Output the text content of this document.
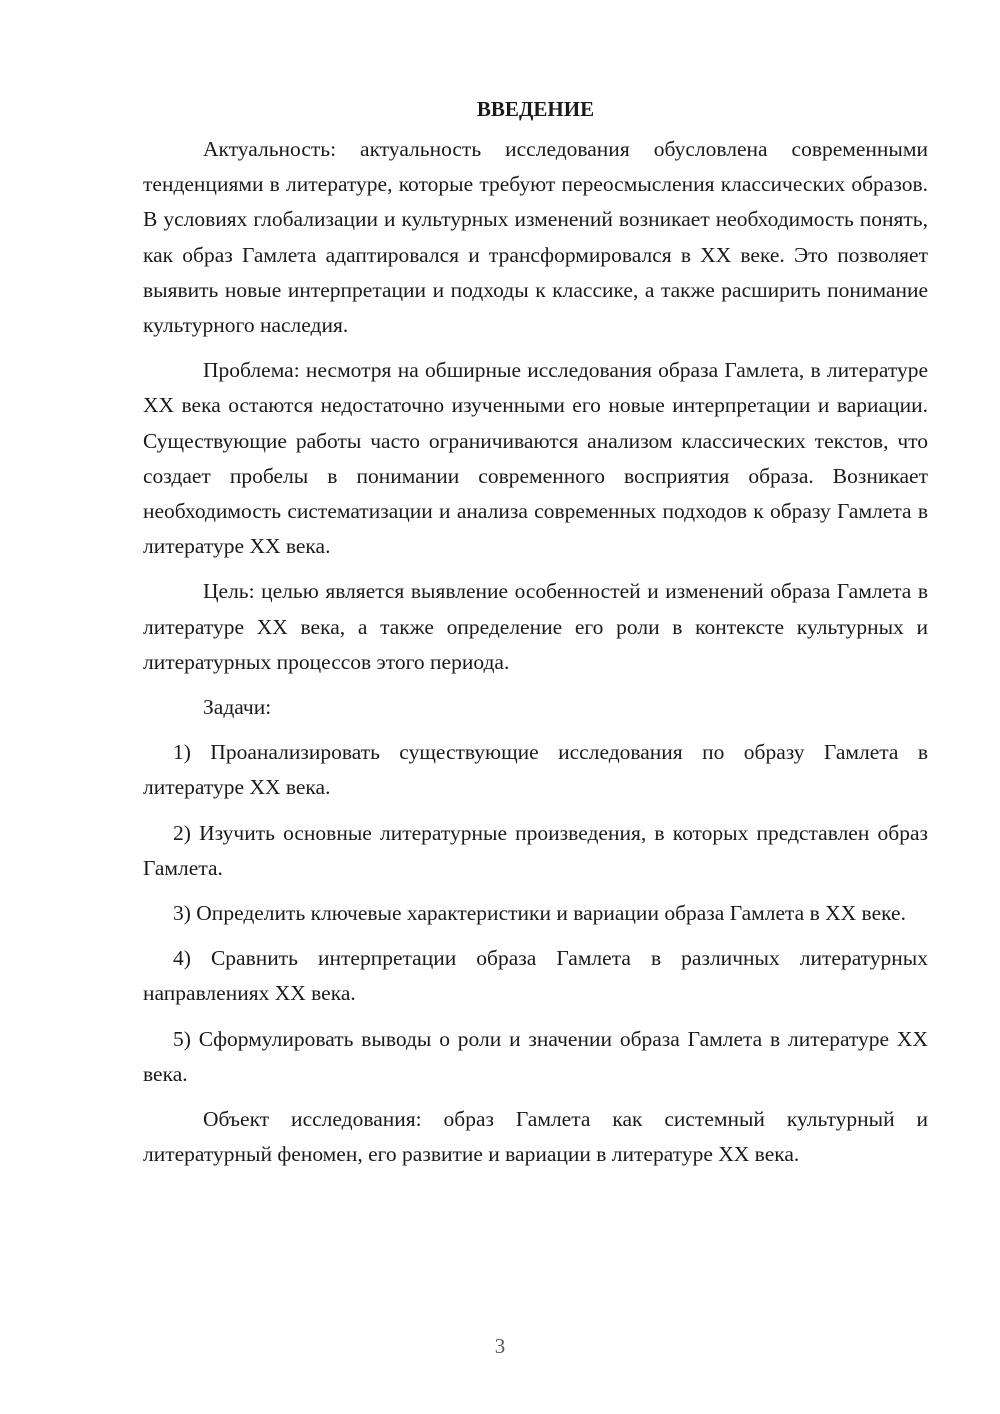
ВВЕДЕНИЕ

Актуальность: актуальность исследования обусловлена современными тенденциями в литературе, которые требуют переосмысления классических образов. В условиях глобализации и культурных изменений возникает необходимость понять, как образ Гамлета адаптировался и трансформировался в XX веке. Это позволяет выявить новые интерпретации и подходы к классике, а также расширить понимание культурного наследия.

Проблема: несмотря на обширные исследования образа Гамлета, в литературе XX века остаются недостаточно изученными его новые интерпретации и вариации. Существующие работы часто ограничиваются анализом классических текстов, что создает пробелы в понимании современного восприятия образа. Возникает необходимость систематизации и анализа современных подходов к образу Гамлета в литературе XX века.

Цель: целью является выявление особенностей и изменений образа Гамлета в литературе XX века, а также определение его роли в контексте культурных и литературных процессов этого периода.

Задачи:

1) Проанализировать существующие исследования по образу Гамлета в литературе XX века.

2) Изучить основные литературные произведения, в которых представлен образ Гамлета.

3) Определить ключевые характеристики и вариации образа Гамлета в XX веке.

4) Сравнить интерпретации образа Гамлета в различных литературных направлениях XX века.

5) Сформулировать выводы о роли и значении образа Гамлета в литературе XX века.

Объект исследования: образ Гамлета как системный культурный и литературный феномен, его развитие и вариации в литературе XX века.

3
